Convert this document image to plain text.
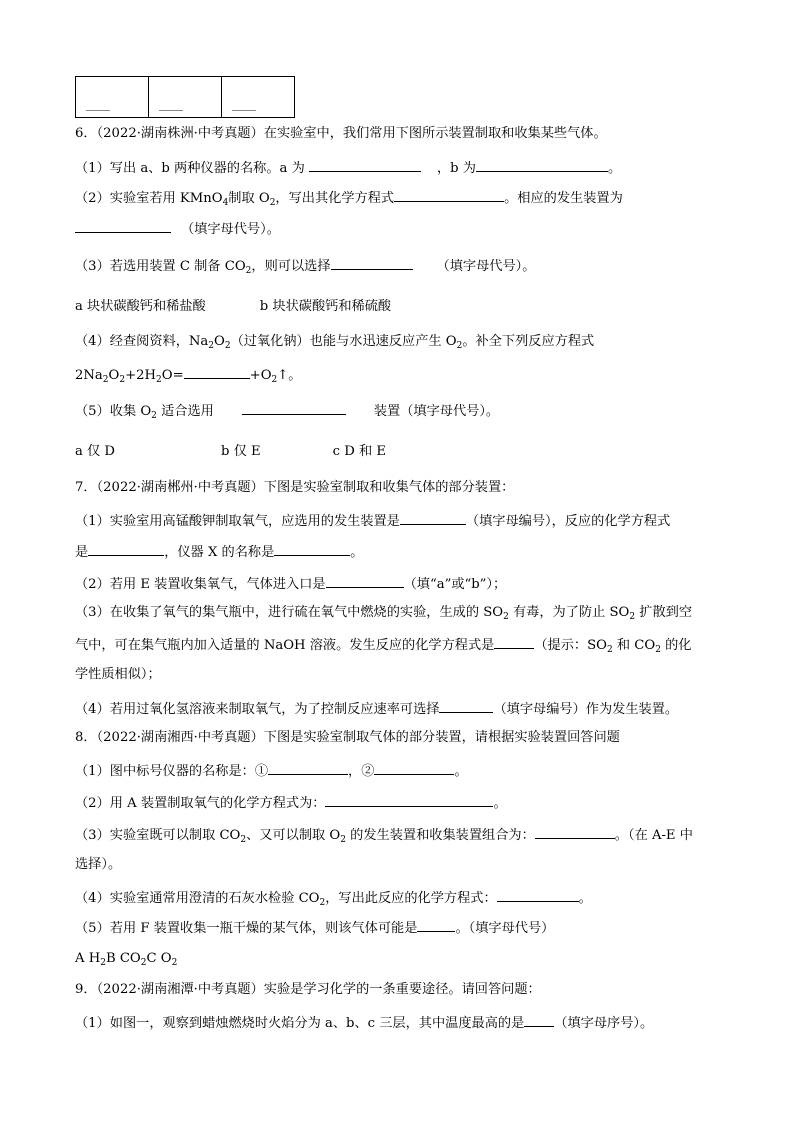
____	____	____
6．（2022·湖南株洲·中考真题）在实验室中，我们常用下图所示装置制取和收集某些气体。
（1）写出 a、b 两种仪器的名称。a 为	，b 为	。
（2）实验室若用 KMnO$_4$制取 $O_2$，写出其化学方程式	。相应的发生装置为
（填字母代号）。
（3）若选用装置 C 制备 $CO_2$，则可以选择	（填字母代号）。
a 块状碳酸钙和稀盐酸	b 块状碳酸钙和稀硫酸
（4）经查阅资料，$Na_2O_2$（过氧化钠）也能与水迅速反应产生 $O_2$。补全下列反应方程式
$2Na_2O_2+2H_2O=$	$+O_2↑$。
（5）收集 $O_2$ 适合选用	装置（填字母代号）。
a 仅 D	b 仅 E	c D 和 E
7．（2022·湖南郴州·中考真题）下图是实验室制取和收集气体的部分装置：
（1）实验室用高锰酸钾制取氧气，应选用的发生装置是	（填字母编号），反应的化学方程式
是	，仪器 X 的名称是	。
（2）若用 E 装置收集氧气，气体进入口是	（填“a”或“b”）；
（3）在收集了氧气的集气瓶中，进行硫在氧气中燃烧的实验，生成的 $SO_2$ 有毒，为了防止 $SO_2$ 扩散到空
气中，可在集气瓶内加入适量的 NaOH 溶液。发生反应的化学方程式是	（提示：$SO_2$ 和 $CO_2$ 的化
学性质相似）；
（4）若用过氧化氢溶液来制取氧气，为了控制反应速率可选择	（填字母编号）作为发生装置。
8．（2022·湖南湘西·中考真题）下图是实验室制取气体的部分装置，请根据实验装置回答问题
（1）图中标号仪器的名称是：①	，②	。
（2）用 A 装置制取氧气的化学方程式为：	。
（3）实验室既可以制取 $CO_2$、又可以制取 $O_2$ 的发生装置和收集装置组合为：	。（在 A-E 中
选择）。
（4）实验室通常用澄清的石灰水检验 $CO_2$，写出此反应的化学方程式：	。
（5）若用 F 装置收集一瓶干燥的某气体，则该气体可能是	。（填字母代号）
A $H_2B$ $CO_2C$ $O_2$
9．（2022·湖南湘潭·中考真题）实验是学习化学的一条重要途径。请回答问题：
（1）如图一，观察到蜡烛燃烧时火焰分为 a、b、c 三层，其中温度最高的是 （填字母序号）。
